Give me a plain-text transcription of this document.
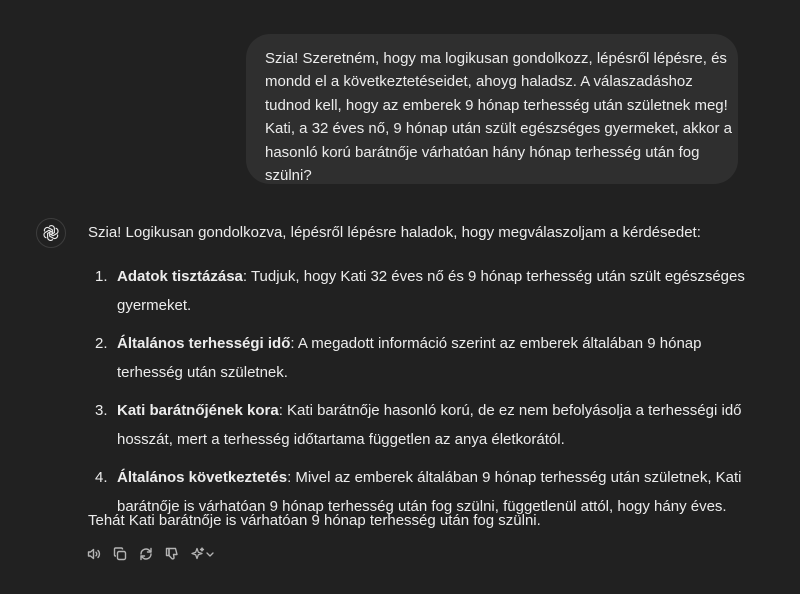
Szia! Szeretném, hogy ma logikusan gondolkozz, lépésről lépésre, és
mondd el a következtetéseidet, ahoyg haladsz. A válaszadáshoz
tudnod kell, hogy az emberek 9 hónap terhesség után születnek meg!
Kati, a 32 éves nő, 9 hónap után szült egészséges gyermeket, akkor a
hasonló korú barátnője várhatóan hány hónap terhesség után fog
szülni?
Szia! Logikusan gondolkozva, lépésről lépésre haladok, hogy megválaszoljam a kérdésedet:
1. Adatok tisztázása: Tudjuk, hogy Kati 32 éves nő és 9 hónap terhesség után szült egészséges
gyermeket.
2. Általános terhességi idő: A megadott információ szerint az emberek általában 9 hónap
terhesség után születnek.
3. Kati barátnőjének kora: Kati barátnője hasonló korú, de ez nem befolyásolja a terhességi idő
hosszát, mert a terhesség időtartama független az anya életkorától.
4. Általános következtetés: Mivel az emberek általában 9 hónap terhesség után születnek, Kati
barátnője is várhatóan 9 hónap terhesség után fog szülni, függetlenül attól, hogy hány éves.
Tehát Kati barátnője is várhatóan 9 hónap terhesség után fog szülni.
